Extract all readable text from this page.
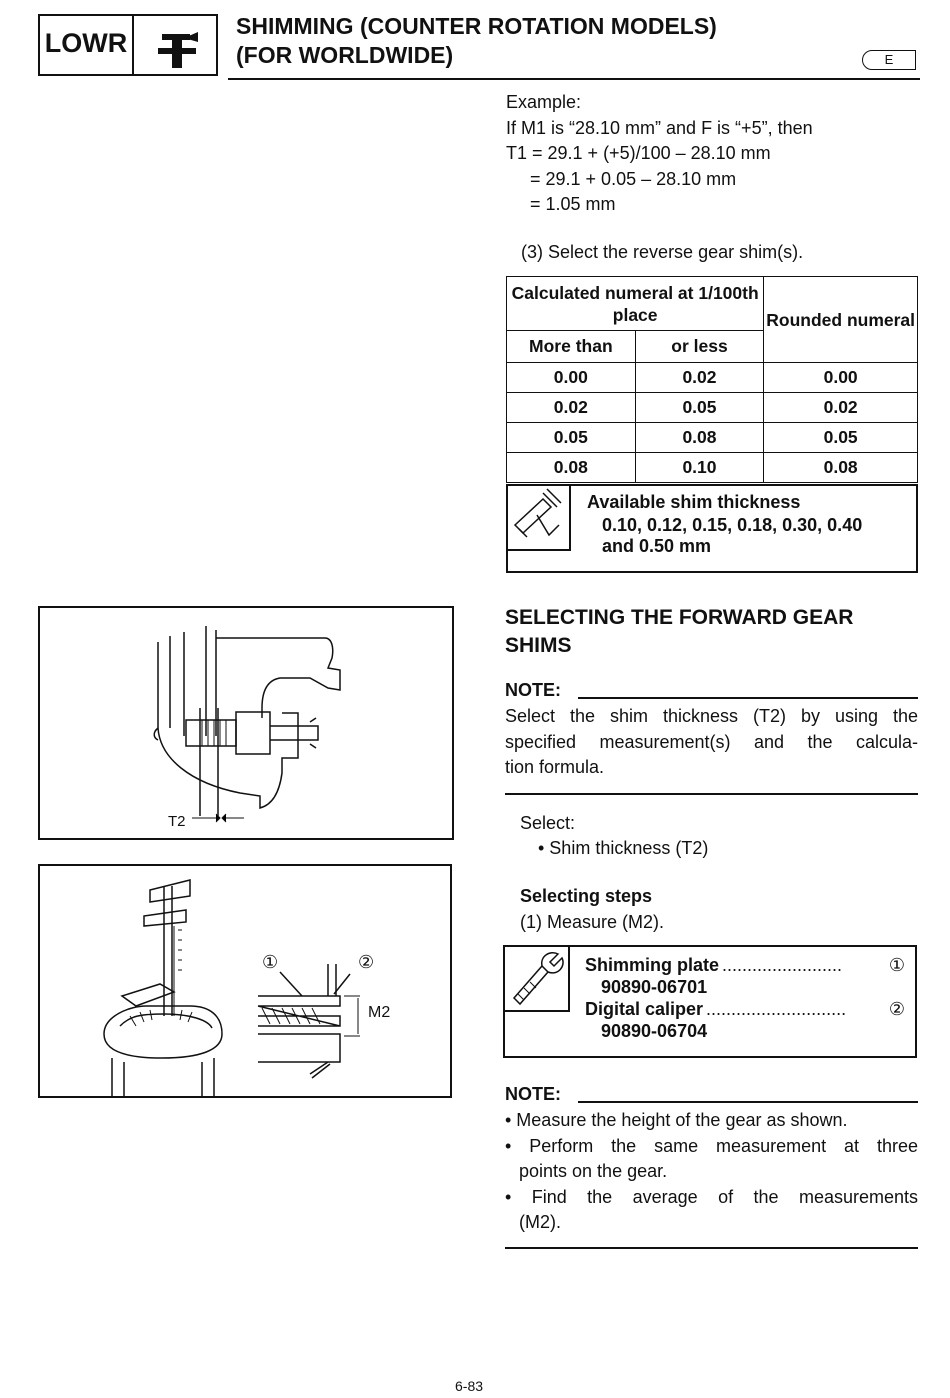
LOWR
SHIMMING (COUNTER ROTATION MODELS)
(FOR WORLDWIDE)	E
Example:
If M1 is “28.10 mm” and F is “+5”, then
T1 = 29.1 + (+5)/100 – 28.10 mm
= 29.1 + 0.05 – 28.10 mm
= 1.05 mm
(3) Select the reverse gear shim(s).
Calculated numeral at 1/100th place		Rounded numeral
More than	or less	
0.00	0.02	0.00
0.02	0.05	0.02
0.05	0.08	0.05
0.08	0.10	0.08
Available shim thickness
0.10, 0.12, 0.15, 0.18, 0.30, 0.40
and 0.50 mm
SELECTING THE FORWARD GEAR
SHIMS
NOTE:
Select the shim thickness (T2) by using the
specified measurement(s) and the calcula-
tion formula.
Select:
• Shim thickness (T2)
Selecting steps
(1) Measure (M2).
Shimming plate ........................	①
90890-06701
Digital caliper ............................	②
90890-06704
NOTE:
• Measure the height of the gear as shown.
• Perform the same measurement at three
points on the gear.
• Find the average of the measurements
(M2).
T2
①	②
M2
6-83
